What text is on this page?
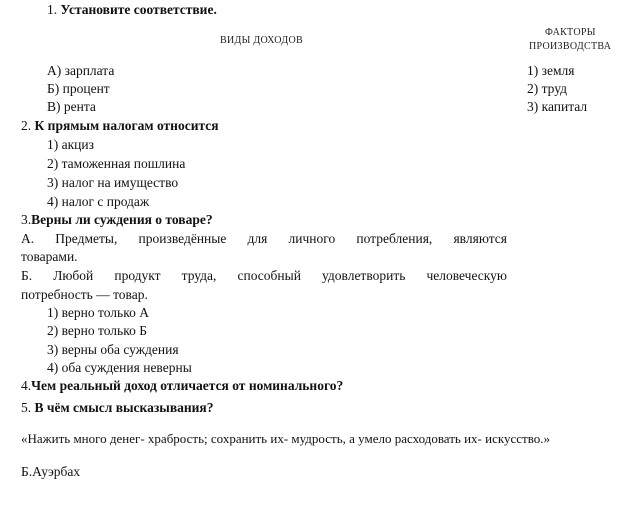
1. Установите соответствие.
ВИДЫ ДОХОДОВ
ФАКТОРЫ
ПРОИЗВОДСТВА
А) зарплата
Б) процент
В) рента
1) земля
2) труд
3) капитал
2. К прямым налогам относится
1) акциз
2) таможенная пошлина
3) налог на имущество
4) налог с продаж
3.Верны ли суждения о товаре?
А. Предметы, произведённые для личного потребления, являются
товарами.
Б. Любой продукт труда, способный удовлетворить человеческую
потребность — товар.
1) верно только А
2) верно только Б
3) верны оба суждения
4) оба суждения неверны
4.Чем реальный доход отличается от номинального?
5. В чём смысл высказывания?
«Нажить много денег- храбрость; сохранить их- мудрость, а умело расходовать их- искусство.»
Б.Ауэрбах
